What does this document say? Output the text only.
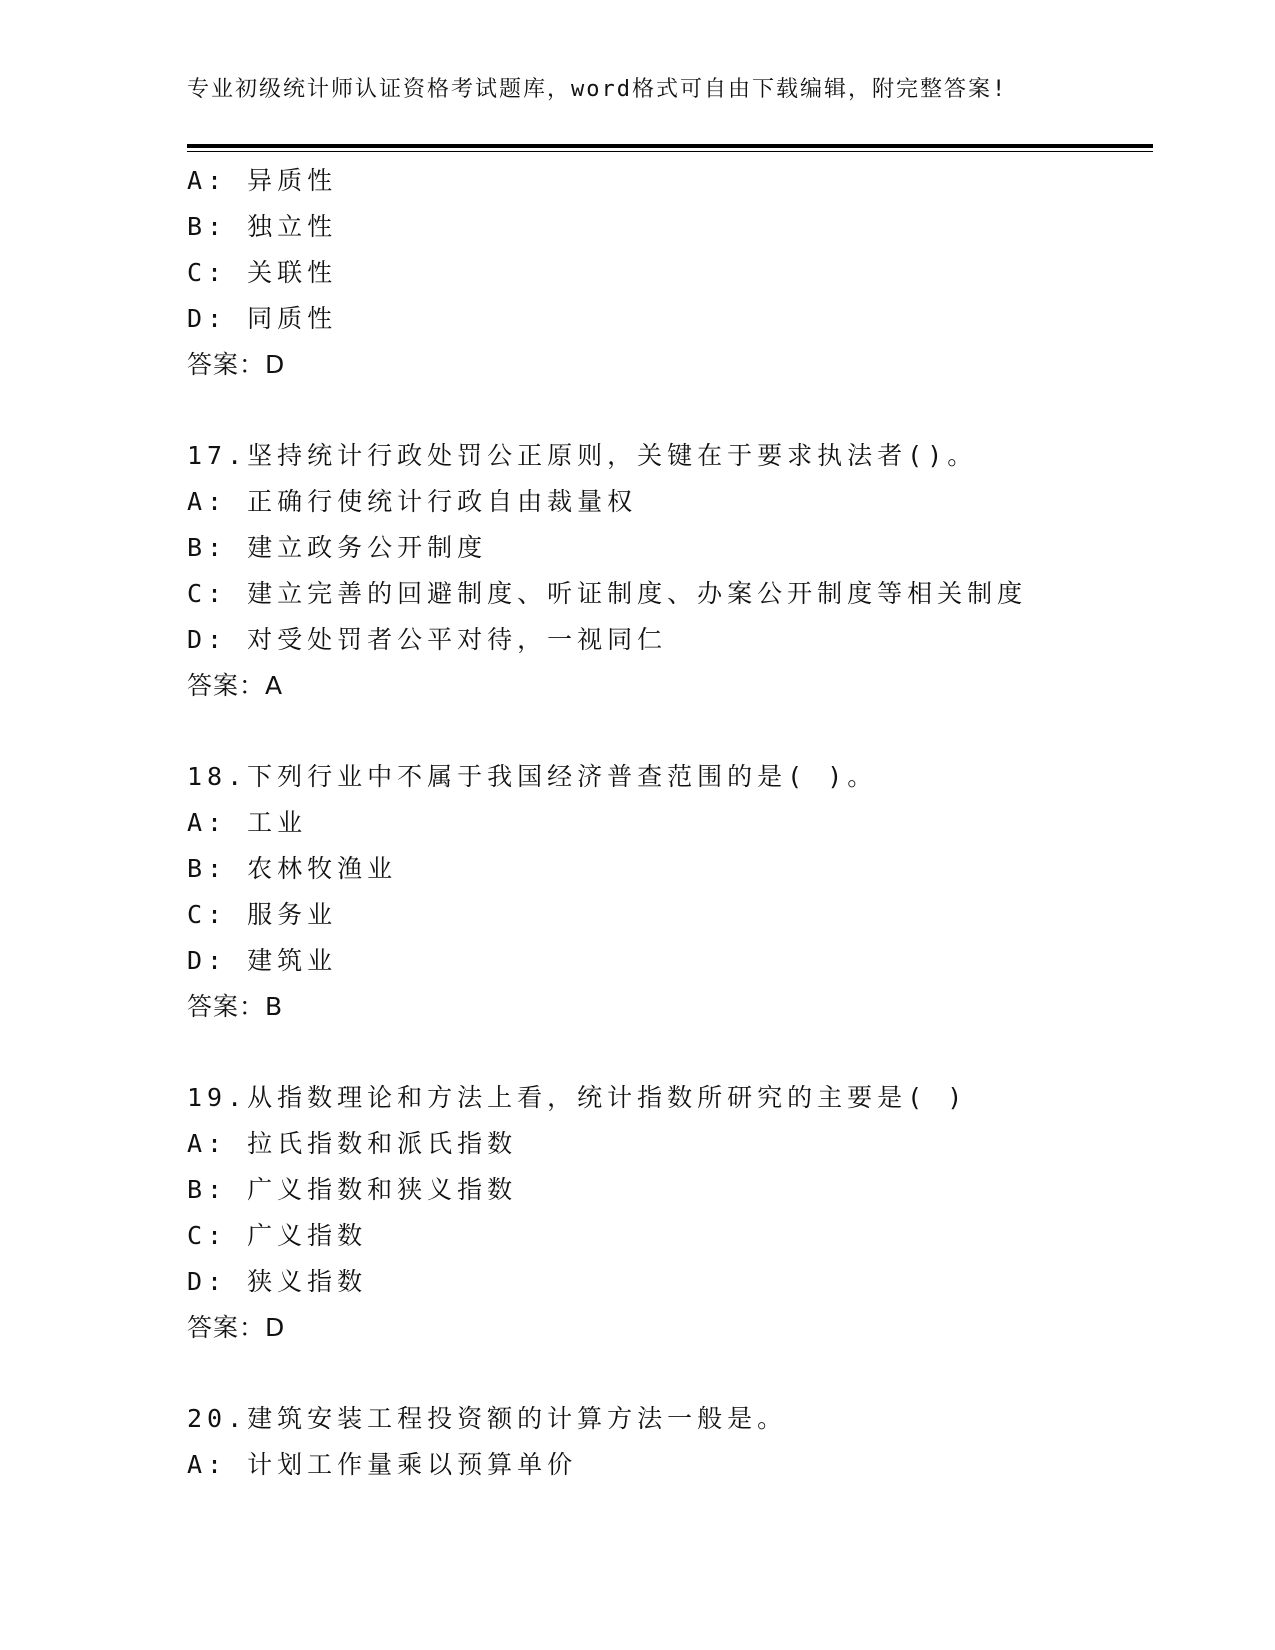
专业初级统计师认证资格考试题库，word格式可自由下载编辑，附完整答案!
A: 异质性
B: 独立性
C: 关联性
D: 同质性
答案：D
17.坚持统计行政处罚公正原则，关键在于要求执法者()。
A: 正确行使统计行政自由裁量权
B: 建立政务公开制度
C: 建立完善的回避制度、听证制度、办案公开制度等相关制度
D: 对受处罚者公平对待，一视同仁
答案：A
18.下列行业中不属于我国经济普查范围的是( )。
A: 工业
B: 农林牧渔业
C: 服务业
D: 建筑业
答案：B
19.从指数理论和方法上看，统计指数所研究的主要是( )
A: 拉氏指数和派氏指数
B: 广义指数和狭义指数
C: 广义指数
D: 狭义指数
答案：D
20.建筑安装工程投资额的计算方法一般是。
A: 计划工作量乘以预算单价
